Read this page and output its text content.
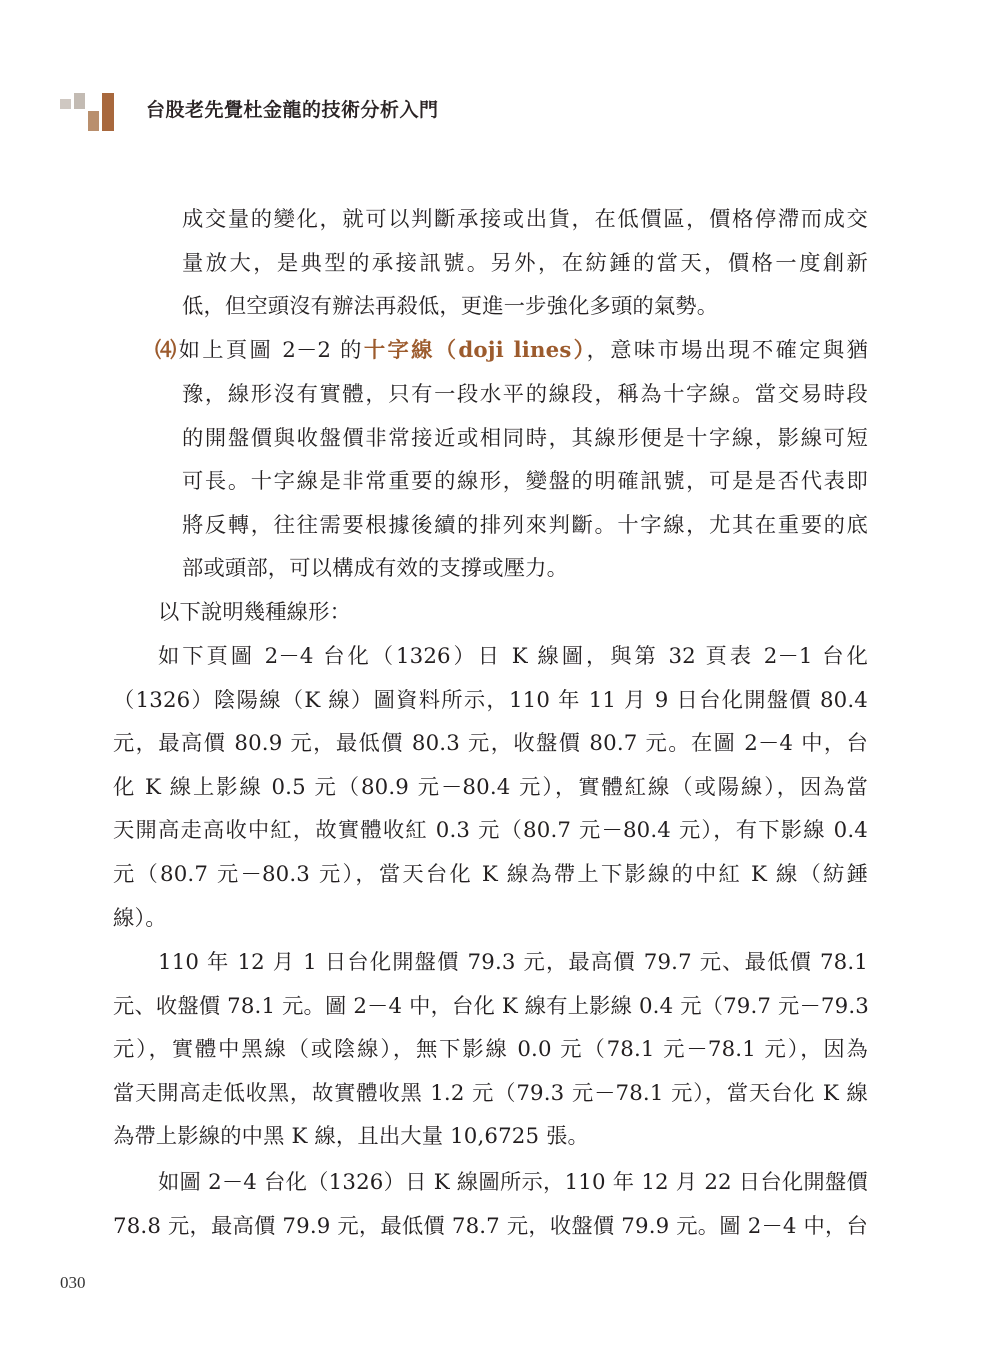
台股老先覺杜金龍的技術分析入門

成交量的變化，就可以判斷承接或出貨，在低價區，價格停滯而成交
量放大，是典型的承接訊號。另外，在紡錘的當天，價格一度創新
低，但空頭沒有辦法再殺低，更進一步強化多頭的氣勢。

⑷如上頁圖 2－2 的十字線（doji lines），意味市場出現不確定與猶

豫，線形沒有實體，只有一段水平的線段，稱為十字線。當交易時段
的開盤價與收盤價非常接近或相同時，其線形便是十字線，影線可短
可長。十字線是非常重要的線形，變盤的明確訊號，可是是否代表即
將反轉，往往需要根據後續的排列來判斷。十字線，尤其在重要的底
部或頭部，可以構成有效的支撐或壓力。

以下說明幾種線形：

如下頁圖 2－4 台化（1326）日 K 線圖，與第 32 頁表 2－1 台化
（1326）陰陽線（K 線）圖資料所示，110 年 11 月 9 日台化開盤價 80.4
元，最高價 80.9 元，最低價 80.3 元，收盤價 80.7 元。在圖 2－4 中，台
化 K 線上影線 0.5 元（80.9 元－80.4 元），實體紅線（或陽線），因為當
天開高走高收中紅，故實體收紅 0.3 元（80.7 元－80.4 元），有下影線 0.4
元（80.7 元－80.3 元），當天台化 K 線為帶上下影線的中紅 K 線（紡錘
線）。

110 年 12 月 1 日台化開盤價 79.3 元，最高價 79.7 元、最低價 78.1
元、收盤價 78.1 元。圖 2－4 中，台化 K 線有上影線 0.4 元（79.7 元－79.3
元），實體中黑線（或陰線），無下影線 0.0 元（78.1 元－78.1 元），因為
當天開高走低收黑，故實體收黑 1.2 元（79.3 元－78.1 元），當天台化 K 線
為帶上影線的中黑 K 線，且出大量 10,6725 張。

如圖 2－4 台化（1326）日 K 線圖所示，110 年 12 月 22 日台化開盤價
78.8 元，最高價 79.9 元，最低價 78.7 元，收盤價 79.9 元。圖 2－4 中，台

030
